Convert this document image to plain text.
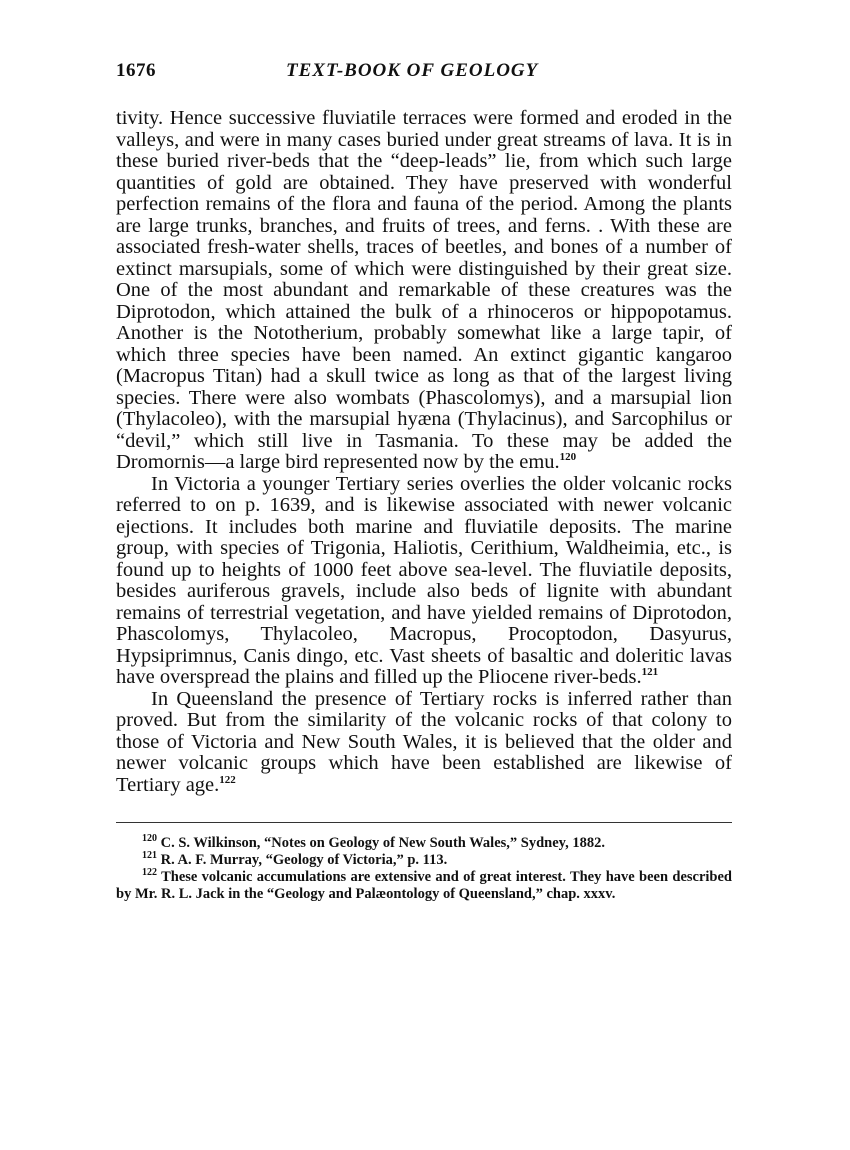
1676	TEXT-BOOK OF GEOLOGY

tivity. Hence successive fluviatile terraces were formed and eroded in the valleys, and were in many cases buried under great streams of lava. It is in these buried river-beds that the “deep-leads” lie, from which such large quantities of gold are obtained. They have preserved with wonderful perfection remains of the flora and fauna of the period. Among the plants are large trunks, branches, and fruits of trees, and ferns. . With these are associated fresh-water shells, traces of beetles, and bones of a number of extinct marsupials, some of which were distinguished by their great size. One of the most abundant and remarkable of these creatures was the Diprotodon, which attained the bulk of a rhinoceros or hippopotamus. Another is the Nototherium, probably somewhat like a large tapir, of which three species have been named. An extinct gigantic kangaroo (Macropus Titan) had a skull twice as long as that of the largest living species. There were also wombats (Phascolomys), and a marsupial lion (Thylacoleo), with the marsupial hyæna (Thylacinus), and Sarcophilus or “devil,” which still live in Tasmania. To these may be added the Dromornis—a large bird represented now by the emu.$^{120}$

In Victoria a younger Tertiary series overlies the older volcanic rocks referred to on p. 1639, and is likewise associated with newer volcanic ejections. It includes both marine and fluviatile deposits. The marine group, with species of Trigonia, Haliotis, Cerithium, Waldheimia, etc., is found up to heights of 1000 feet above sea-level. The fluviatile deposits, besides auriferous gravels, include also beds of lignite with abundant remains of terrestrial vegetation, and have yielded remains of Diprotodon, Phascolomys, Thylacoleo, Macropus, Procoptodon, Dasyurus, Hypsiprimnus, Canis dingo, etc. Vast sheets of basaltic and doleritic lavas have overspread the plains and filled up the Pliocene river-beds.$^{121}$

In Queensland the presence of Tertiary rocks is inferred rather than proved. But from the similarity of the volcanic rocks of that colony to those of Victoria and New South Wales, it is believed that the older and newer volcanic groups which have been established are likewise of Tertiary age.$^{122}$

$^{120}$ C. S. Wilkinson, “Notes on Geology of New South Wales,” Sydney, 1882.

$^{121}$ R. A. F. Murray, “Geology of Victoria,” p. 113.

$^{122}$ These volcanic accumulations are extensive and of great interest. They have been described by Mr. R. L. Jack in the “Geology and Palæontology of Queensland,” chap. xxxv.
